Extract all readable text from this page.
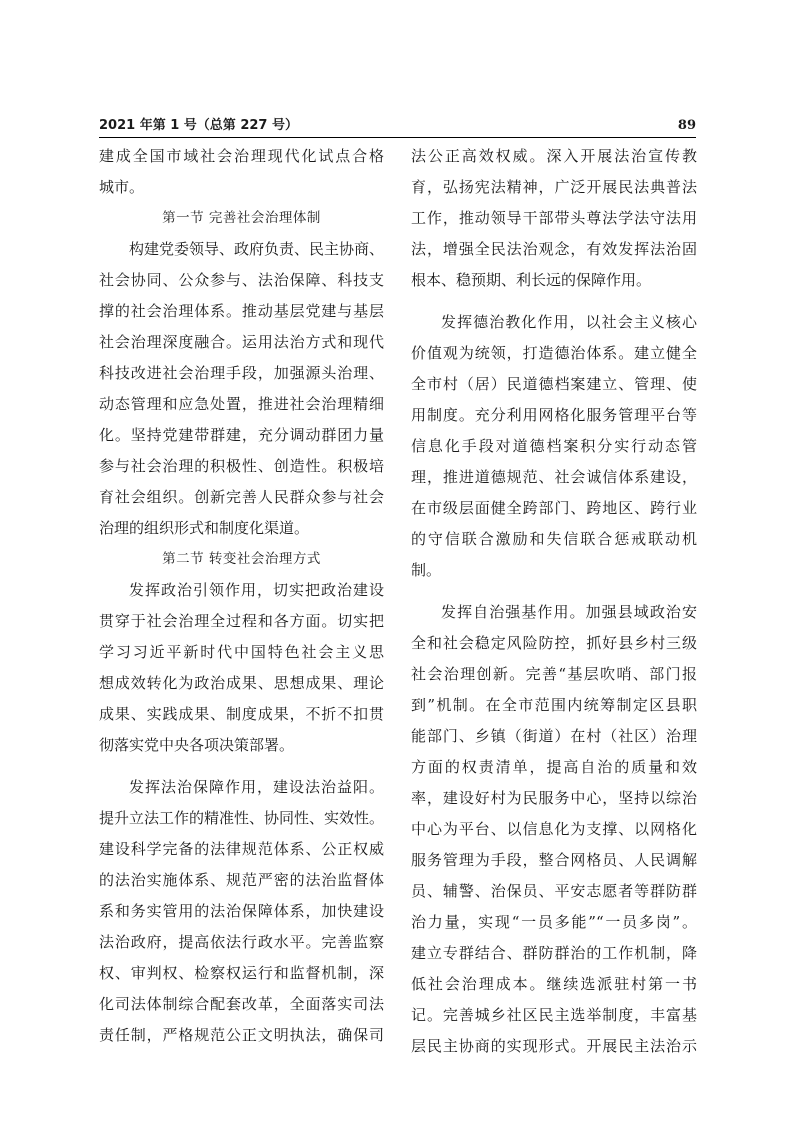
2021 年第 1 号（总第 227 号）	89
建成全国市域社会治理现代化试点合格
城市。
第一节 完善社会治理体制
构建党委领导、政府负责、民主协商、
社会协同、公众参与、法治保障、科技支
撑的社会治理体系。推动基层党建与基层
社会治理深度融合。运用法治方式和现代
科技改进社会治理手段，加强源头治理、
动态管理和应急处置，推进社会治理精细
化。坚持党建带群建，充分调动群团力量
参与社会治理的积极性、创造性。积极培
育社会组织。创新完善人民群众参与社会
治理的组织形式和制度化渠道。
第二节 转变社会治理方式
发挥政治引领作用，切实把政治建设
贯穿于社会治理全过程和各方面。切实把
学习习近平新时代中国特色社会主义思
想成效转化为政治成果、思想成果、理论
成果、实践成果、制度成果，不折不扣贯
彻落实党中央各项决策部署。
发挥法治保障作用，建设法治益阳。
提升立法工作的精准性、协同性、实效性。
建设科学完备的法律规范体系、公正权威
的法治实施体系、规范严密的法治监督体
系和务实管用的法治保障体系，加快建设
法治政府，提高依法行政水平。完善监察
权、审判权、检察权运行和监督机制，深
化司法体制综合配套改革，全面落实司法
责任制，严格规范公正文明执法，确保司
法公正高效权威。深入开展法治宣传教
育，弘扬宪法精神，广泛开展民法典普法
工作，推动领导干部带头尊法学法守法用
法，增强全民法治观念，有效发挥法治固
根本、稳预期、利长远的保障作用。
发挥德治教化作用，以社会主义核心
价值观为统领，打造德治体系。建立健全
全市村（居）民道德档案建立、管理、使
用制度。充分利用网格化服务管理平台等
信息化手段对道德档案积分实行动态管
理，推进道德规范、社会诚信体系建设，
在市级层面健全跨部门、跨地区、跨行业
的守信联合激励和失信联合惩戒联动机
制。
发挥自治强基作用。加强县域政治安
全和社会稳定风险防控，抓好县乡村三级
社会治理创新。完善“基层吹哨、部门报
到”机制。在全市范围内统筹制定区县职
能部门、乡镇（街道）在村（社区）治理
方面的权责清单，提高自治的质量和效
率，建设好村为民服务中心，坚持以综治
中心为平台、以信息化为支撑、以网格化
服务管理为手段，整合网格员、人民调解
员、辅警、治保员、平安志愿者等群防群
治力量，实现“一员多能”“一员多岗”。
建立专群结合、群防群治的工作机制，降
低社会治理成本。继续选派驻村第一书
记。完善城乡社区民主选举制度，丰富基
层民主协商的实现形式。开展民主法治示
